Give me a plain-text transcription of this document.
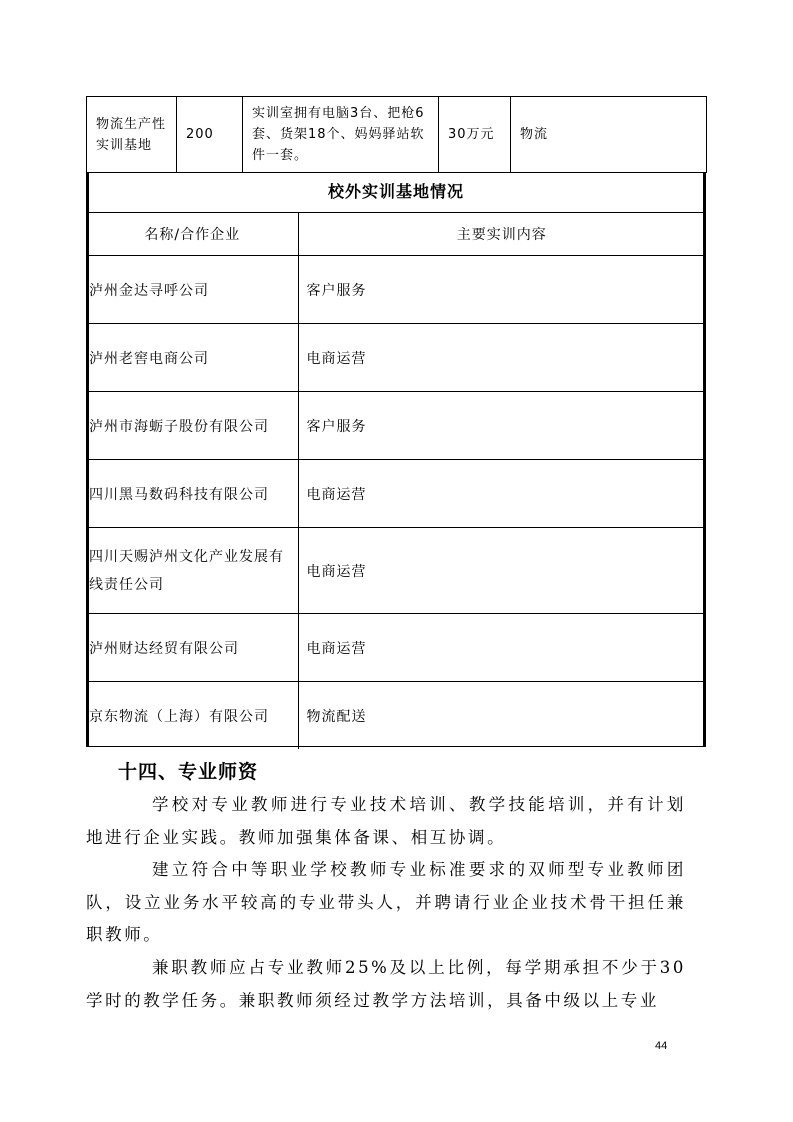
物流生产性实训基地	200	实训室拥有电脑3台、把枪6套、货架18个、妈妈驿站软件一套。	30万元	物流
校外实训基地情况
名称/合作企业	主要实训内容
泸州金达寻呼公司	客户服务
泸州老窖电商公司	电商运营
泸州市海蛎子股份有限公司	客户服务
四川黑马数码科技有限公司	电商运营
四川天赐泸州文化产业发展有线责任公司	电商运营
泸州财达经贸有限公司	电商运营
京东物流（上海）有限公司	物流配送
十四、专业师资

学校对专业教师进行专业技术培训、教学技能培训，并有计划地进行企业实践。教师加强集体备课、相互协调。

建立符合中等职业学校教师专业标准要求的双师型专业教师团队，设立业务水平较高的专业带头人，并聘请行业企业技术骨干担任兼职教师。

兼职教师应占专业教师25%及以上比例，每学期承担不少于30学时的教学任务。兼职教师须经过教学方法培训，具备中级以上专业

44
